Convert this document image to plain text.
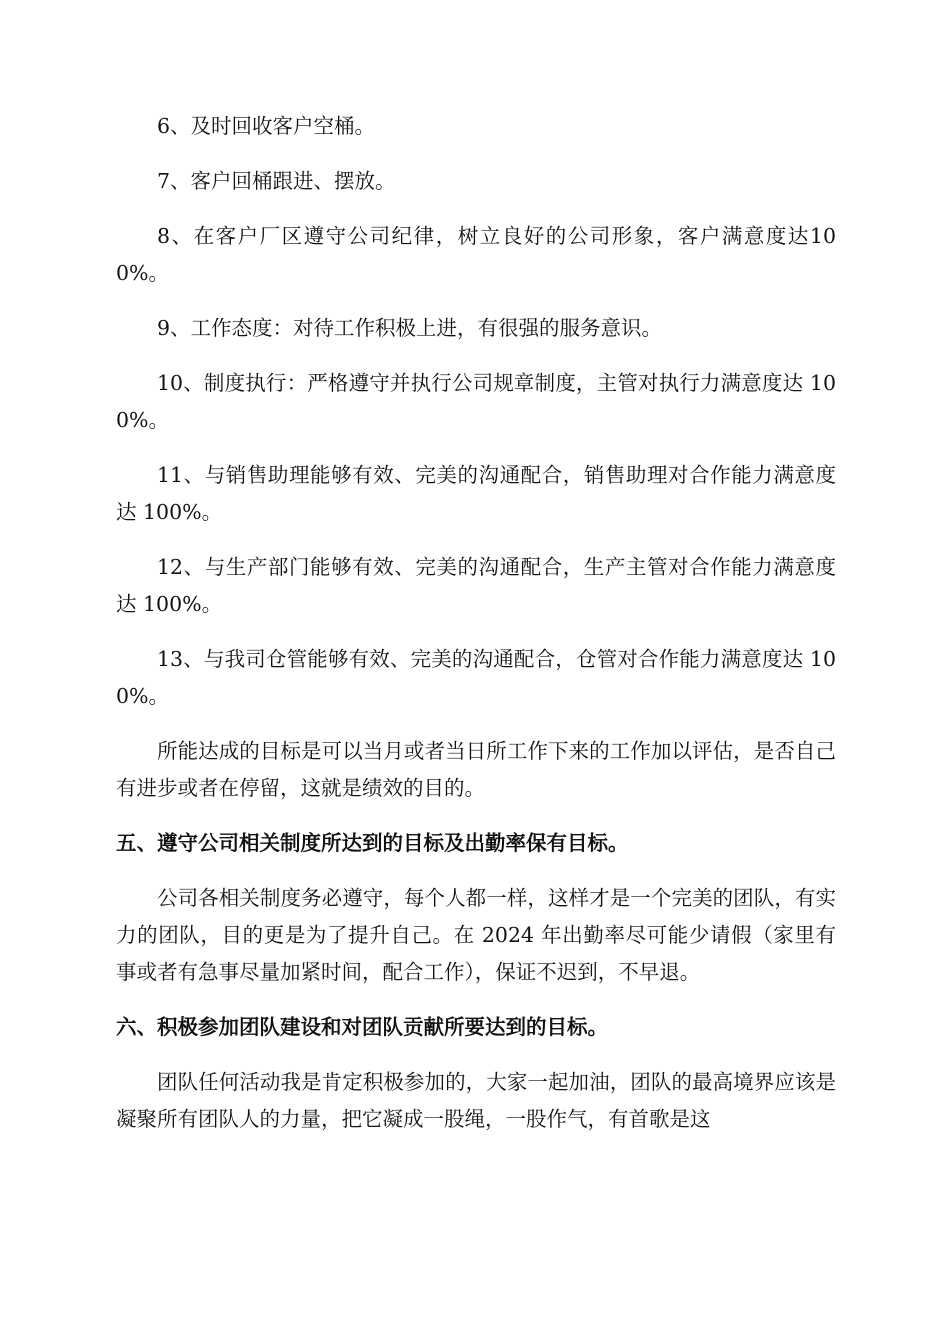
6、及时回收客户空桶。

7、客户回桶跟进、摆放。

8、在客户厂区遵守公司纪律，树立良好的公司形象，客户满意度达100%。

9、工作态度：对待工作积极上进，有很强的服务意识。

10、制度执行：严格遵守并执行公司规章制度，主管对执行力满意度达 100%。

11、与销售助理能够有效、完美的沟通配合，销售助理对合作能力满意度达 100%。

12、与生产部门能够有效、完美的沟通配合，生产主管对合作能力满意度达 100%。

13、与我司仓管能够有效、完美的沟通配合，仓管对合作能力满意度达 100%。

所能达成的目标是可以当月或者当日所工作下来的工作加以评估，是否自己有进步或者在停留，这就是绩效的目的。

五、遵守公司相关制度所达到的目标及出勤率保有目标。

公司各相关制度务必遵守，每个人都一样，这样才是一个完美的团队，有实力的团队，目的更是为了提升自己。在 2024 年出勤率尽可能少请假（家里有事或者有急事尽量加紧时间，配合工作），保证不迟到，不早退。

六、积极参加团队建设和对团队贡献所要达到的目标。

团队任何活动我是肯定积极参加的，大家一起加油，团队的最高境界应该是凝聚所有团队人的力量，把它凝成一股绳，一股作气，有首歌是这
